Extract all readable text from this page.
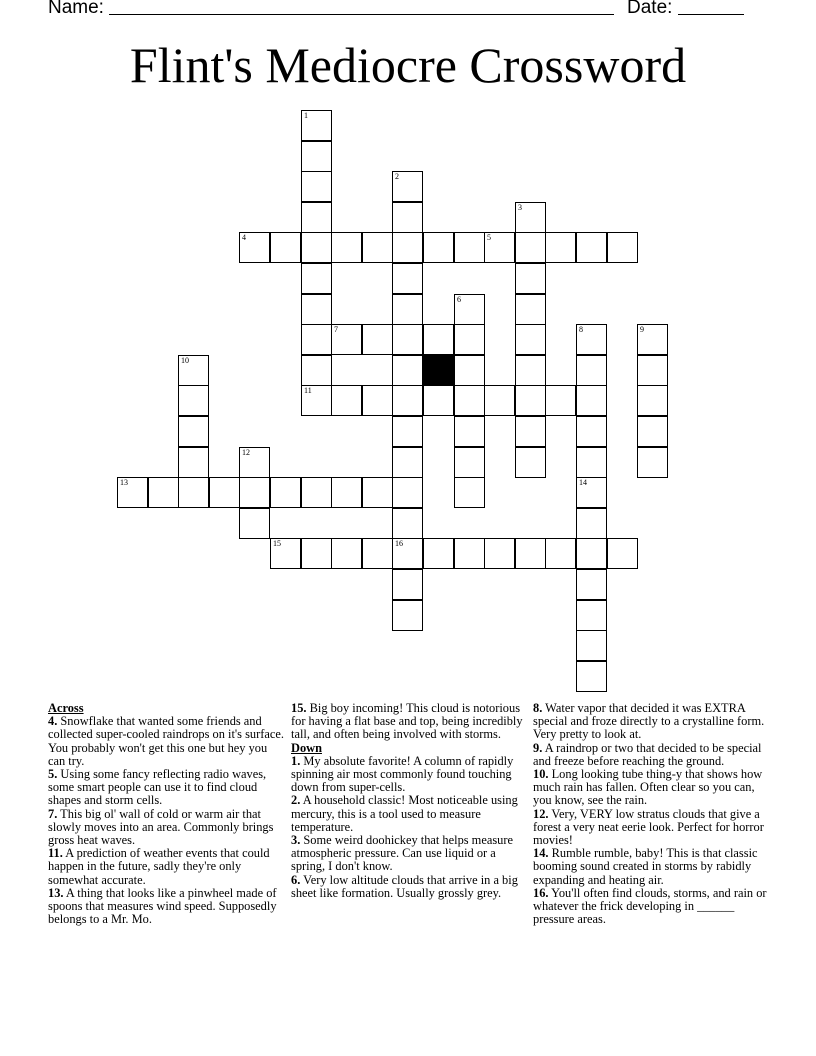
Name:	Date:
Flint's Mediocre Crossword
1
11
2
16
3
4	5
6
7	8	9
10
12
13	14
15
Across
4. Snowflake that wanted some friends and collected super-cooled raindrops on it's surface. You probably won't get this one but hey you can try.
5. Using some fancy reflecting radio waves, some smart people can use it to find cloud shapes and storm cells.
7. This big ol' wall of cold or warm air that slowly moves into an area. Commonly brings gross heat waves.
11. A prediction of weather events that could happen in the future, sadly they're only somewhat accurate.
13. A thing that looks like a pinwheel made of spoons that measures wind speed. Supposedly belongs to a Mr. Mo.
15. Big boy incoming! This cloud is notorious for having a flat base and top, being incredibly tall, and often being involved with storms.
Down
1. My absolute favorite! A column of rapidly spinning air most commonly found touching down from super-cells.
2. A household classic! Most noticeable using mercury, this is a tool used to measure temperature.
3. Some weird doohickey that helps measure atmospheric pressure. Can use liquid or a spring, I don't know.
6. Very low altitude clouds that arrive in a big sheet like formation. Usually grossly grey.
8. Water vapor that decided it was EXTRA special and froze directly to a crystalline form. Very pretty to look at.
9. A raindrop or two that decided to be special and freeze before reaching the ground.
10. Long looking tube thing-y that shows how much rain has fallen. Often clear so you can, you know, see the rain.
12. Very, VERY low stratus clouds that give a forest a very neat eerie look. Perfect for horror movies!
14. Rumble rumble, baby! This is that classic booming sound created in storms by rabidly expanding and heating air.
16. You'll often find clouds, storms, and rain or whatever the frick developing in ______ pressure areas.
